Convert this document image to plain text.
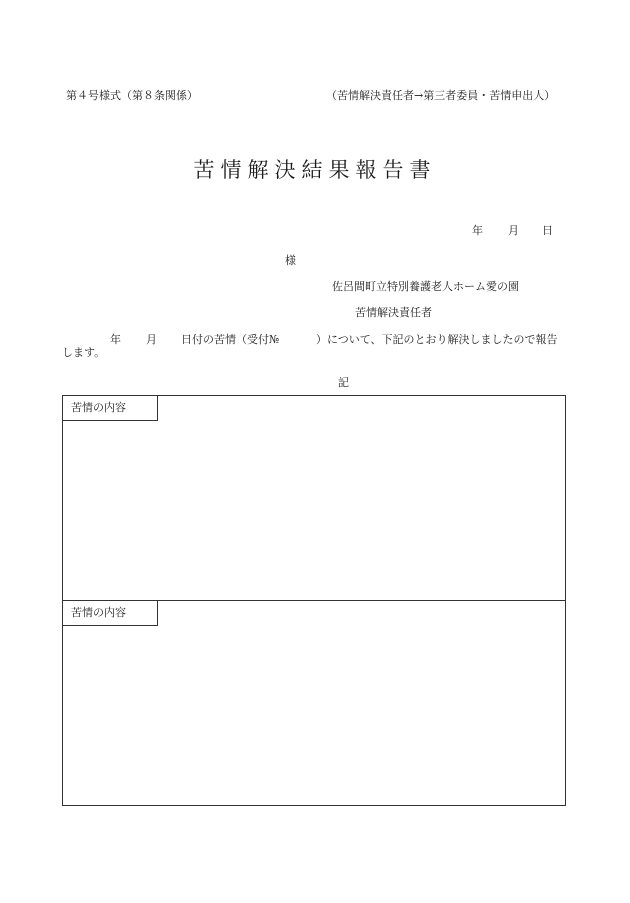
第４号様式（第８条関係）	（苦情解決責任者→第三者委員・苦情申出人）
苦情解決結果報告書
年 月 日
様
佐呂間町立特別養護老人ホーム愛の園
苦情解決責任者
年 月 日付の苦情（受付№	）について、下記のとおり解決しましたので報告
します。
記
苦情の内容
苦情の内容
